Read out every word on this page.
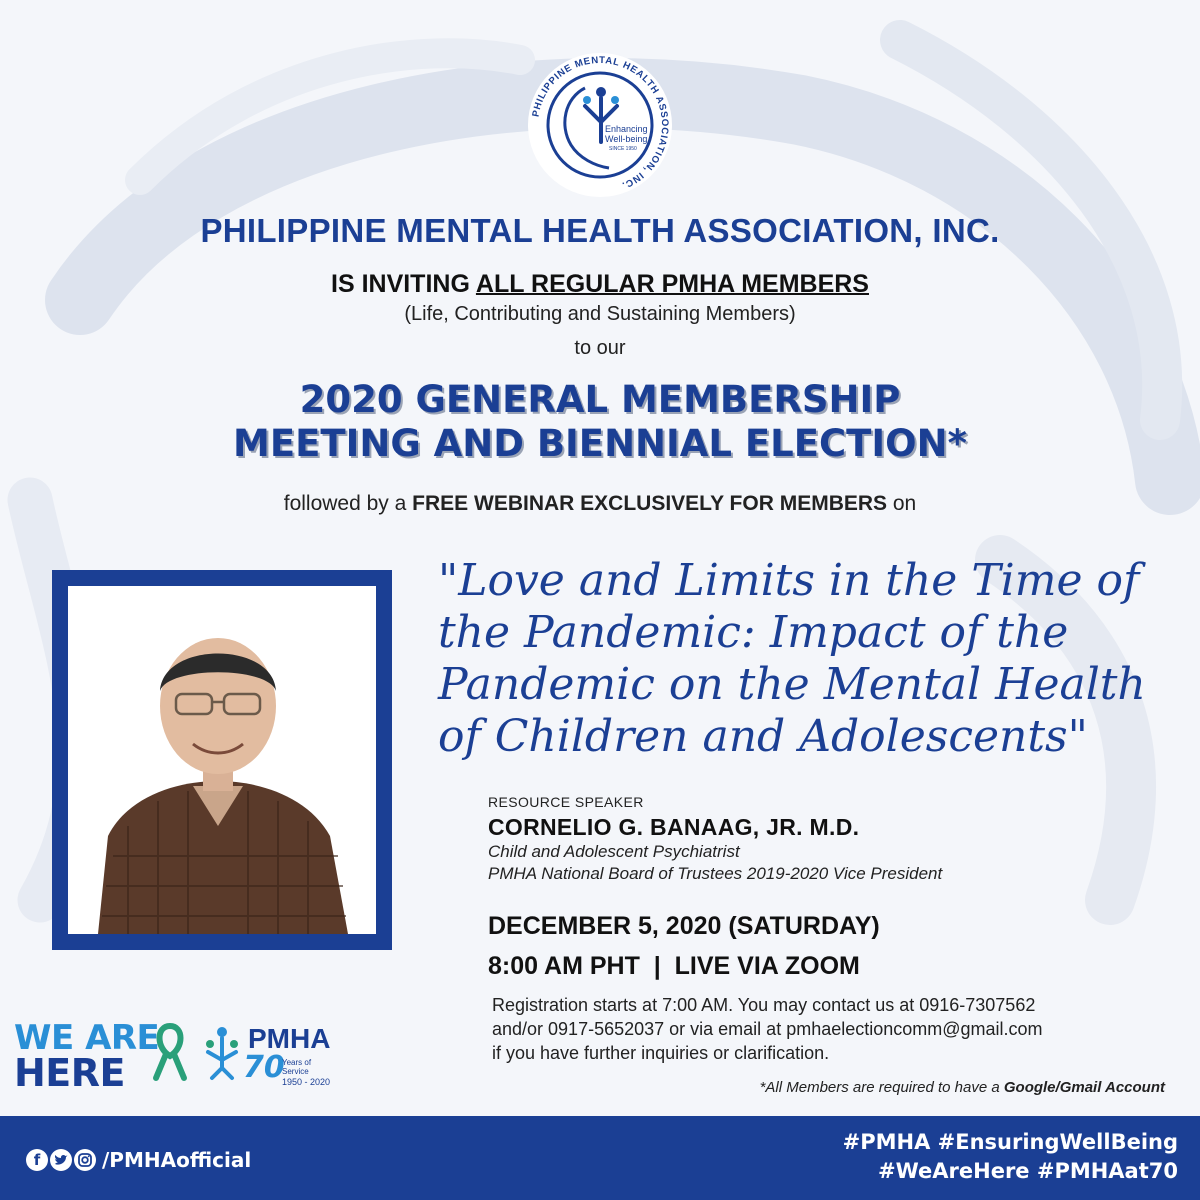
PHILIPPINE MENTAL HEALTH ASSOCIATION, INC.
Enhancing
Well-being
SINCE 1950
PHILIPPINE MENTAL HEALTH ASSOCIATION, INC.
IS INVITING ALL REGULAR PMHA MEMBERS
(Life, Contributing and Sustaining Members)
to our
2020 GENERAL MEMBERSHIP
MEETING AND BIENNIAL ELECTION*
followed by a FREE WEBINAR EXCLUSIVELY FOR MEMBERS on
"Love and Limits in the Time of
the Pandemic: Impact of the
Pandemic on the Mental Health
of Children and Adolescents"
RESOURCE SPEAKER
CORNELIO G. BANAAG, JR. M.D.
Child and Adolescent Psychiatrist
PMHA National Board of Trustees 2019-2020 Vice President
DECEMBER 5, 2020 (SATURDAY)
8:00 AM PHT  |  LIVE VIA ZOOM
Registration starts at 7:00 AM. You may contact us at 0916-7307562
and/or 0917-5652037 or via email at pmhaelectioncomm@gmail.com
if you have further inquiries or clarification.
*All Members are required to have a Google/Gmail Account
WE ARE
HERE
PMHA
70
Years of Service
1950 - 2020
f	/PMHAofficial
#PMHA #EnsuringWellBeing
#WeAreHere #PMHAat70
